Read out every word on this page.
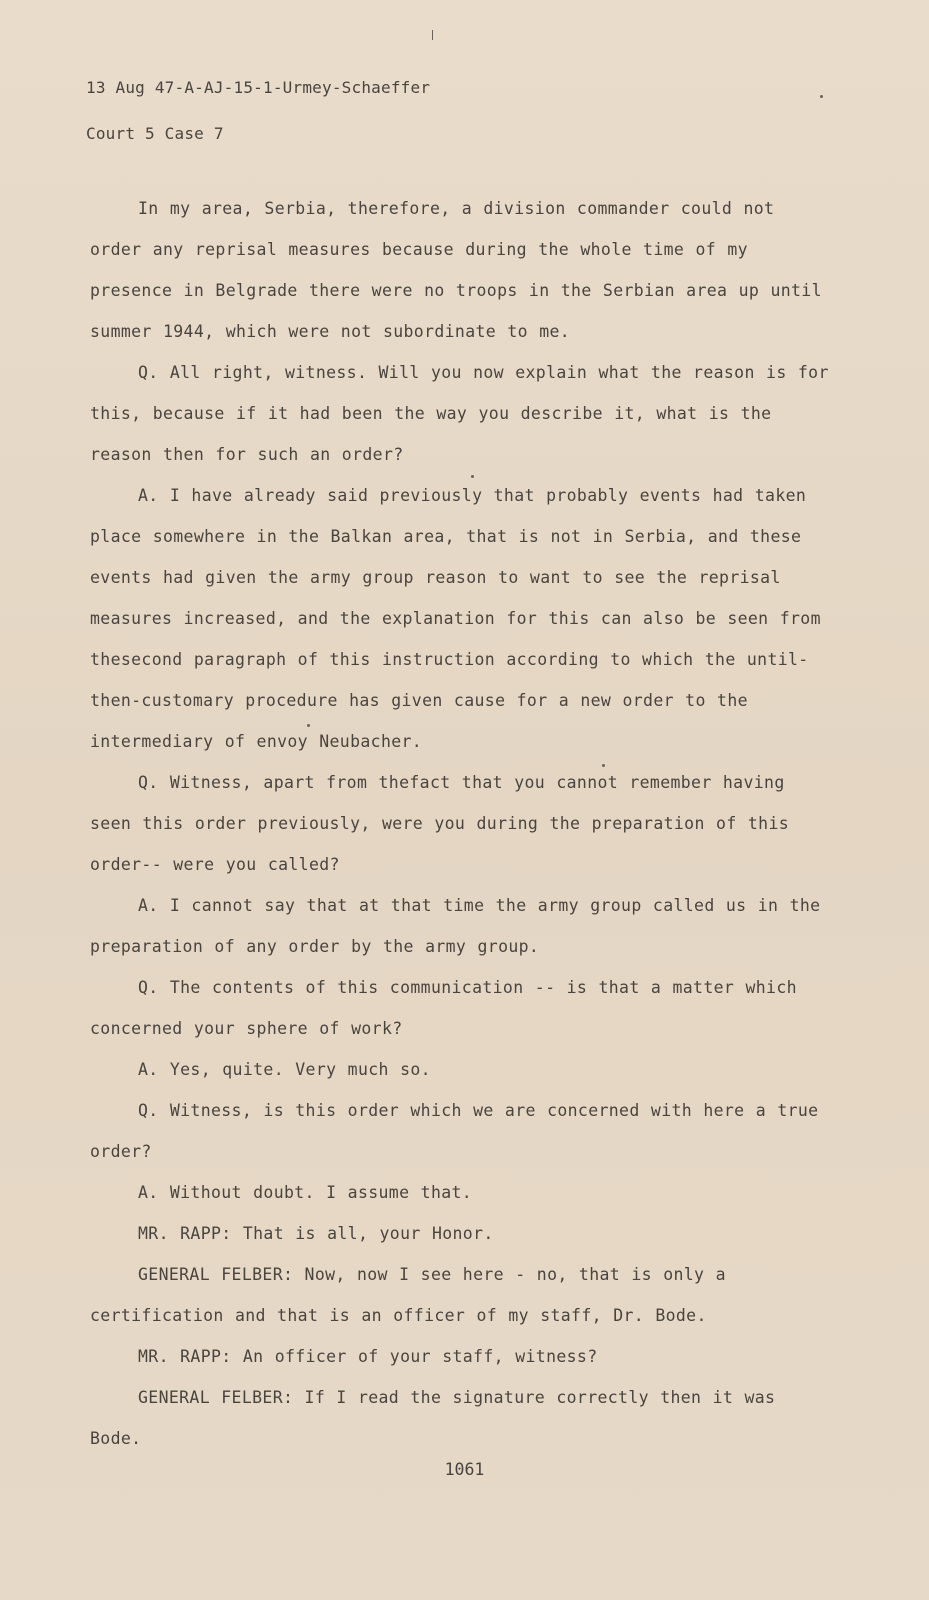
13 Aug 47-A-AJ-15-1-Urmey-Schaeffer
Court 5 Case 7

In my area, Serbia, therefore, a division commander could not order any reprisal measures because during the whole time of my presence in Belgrade there were no troops in the Serbian area up until summer 1944, which were not subordinate to me.

Q. All right, witness. Will you now explain what the reason is for this, because if it had been the way you describe it, what is the reason then for such an order?

A. I have already said previously that probably events had taken place somewhere in the Balkan area, that is not in Serbia, and these events had given the army group reason to want to see the reprisal measures increased, and the explanation for this can also be seen from thesecond paragraph of this instruction according to which the until-then-customary procedure has given cause for a new order to the intermediary of envoy Neubacher.

Q. Witness, apart from thefact that you cannot remember having seen this order previously, were you during the preparation of this order-- were you called?

A. I cannot say that at that time the army group called us in the preparation of any order by the army group.

Q. The contents of this communication -- is that a matter which concerned your sphere of work?

A. Yes, quite. Very much so.

Q. Witness, is this order which we are concerned with here a true order?

A. Without doubt. I assume that.

MR. RAPP: That is all, your Honor.

GENERAL FELBER: Now, now I see here - no, that is only a certification and that is an officer of my staff, Dr. Bode.

MR. RAPP: An officer of your staff, witness?

GENERAL FELBER: If I read the signature correctly then it was Bode.

1061
